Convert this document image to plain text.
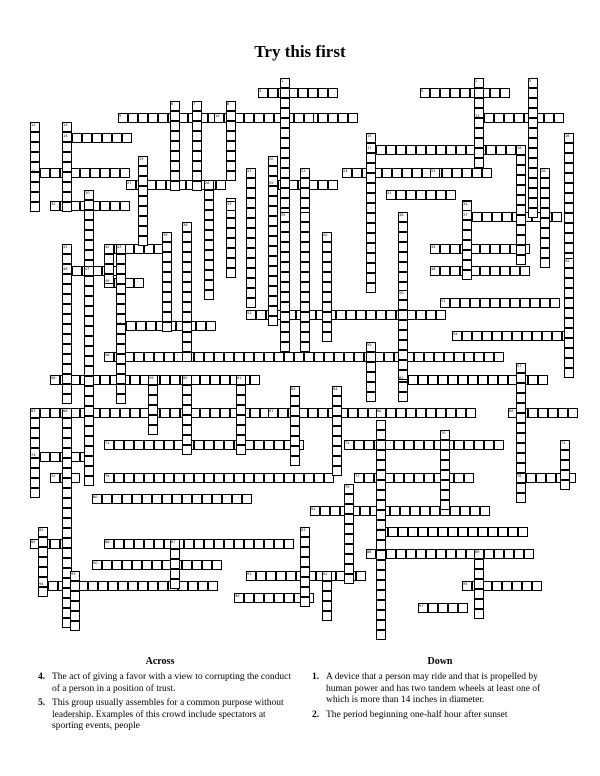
Try this first
1	2	3
4	5
6	7	8
9	10	11
12	13
14	15	16
17	18
19	20
21	22	23	24	25	26
27	28	29
30	31
32	33	34
35	36	37
38
39	40
41	42 43	44
45
46	47	48
49
50
51
52
53
54
55
56
57
58	59	60	61	62
63	64
65	66	67	68	69
70
71	72	73
74
75	76	77	78
79
80
81
82	83	84
85	86	87
88	89
90
91	92
93
94	95
96
97
Across	Down
4. The act of giving a favor with a view to corrupting the conduct of a person in a position of trust.
5. This group usually assembles for a common purpose without leadership. Examples of this crowd include spectators at sporting events, people
1. A device that a person may ride and that is propelled by human power and has two tandem wheels at least one of which is more than 14 inches in diameter.
2. The period beginning one-half hour after sunset
